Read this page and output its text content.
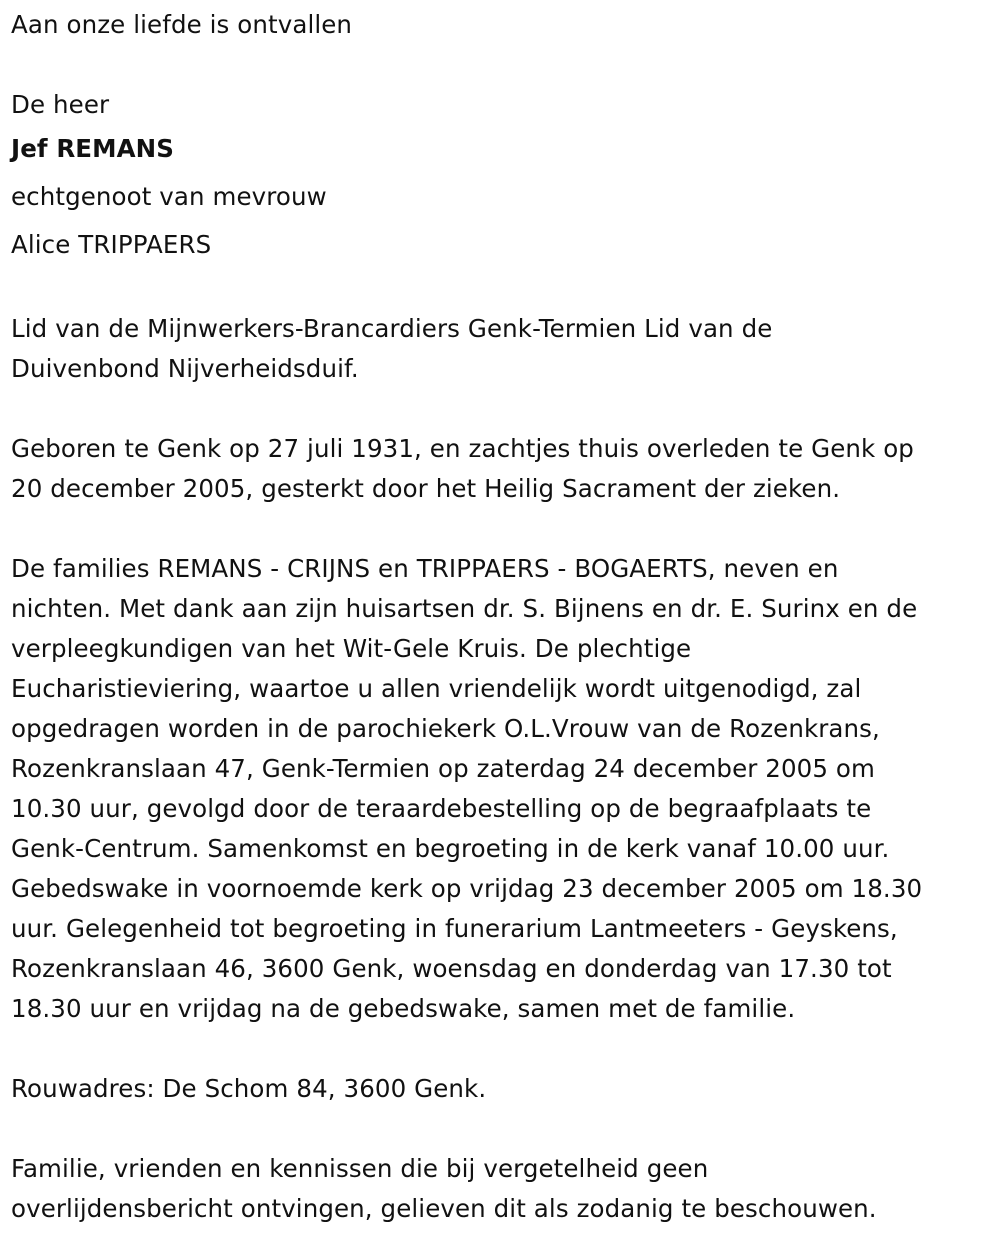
Aan onze liefde is ontvallen

De heer

Jef REMANS

echtgenoot van mevrouw

Alice TRIPPAERS

Lid van de Mijnwerkers-Brancardiers Genk-Termien Lid van de

Duivenbond Nijverheidsduif.

Geboren te Genk op 27 juli 1931, en zachtjes thuis overleden te Genk op

20 december 2005, gesterkt door het Heilig Sacrament der zieken.

De families REMANS - CRIJNS en TRIPPAERS - BOGAERTS, neven en

nichten. Met dank aan zijn huisartsen dr. S. Bijnens en dr. E. Surinx en de

verpleegkundigen van het Wit-Gele Kruis. De plechtige

Eucharistieviering, waartoe u allen vriendelijk wordt uitgenodigd, zal

opgedragen worden in de parochiekerk O.L.Vrouw van de Rozenkrans,

Rozenkranslaan 47, Genk-Termien op zaterdag 24 december 2005 om

10.30 uur, gevolgd door de teraardebestelling op de begraafplaats te

Genk-Centrum. Samenkomst en begroeting in de kerk vanaf 10.00 uur.

Gebedswake in voornoemde kerk op vrijdag 23 december 2005 om 18.30

uur. Gelegenheid tot begroeting in funerarium Lantmeeters - Geyskens,

Rozenkranslaan 46, 3600 Genk, woensdag en donderdag van 17.30 tot

18.30 uur en vrijdag na de gebedswake, samen met de familie.

Rouwadres: De Schom 84, 3600 Genk.

Familie, vrienden en kennissen die bij vergetelheid geen

overlijdensbericht ontvingen, gelieven dit als zodanig te beschouwen.
